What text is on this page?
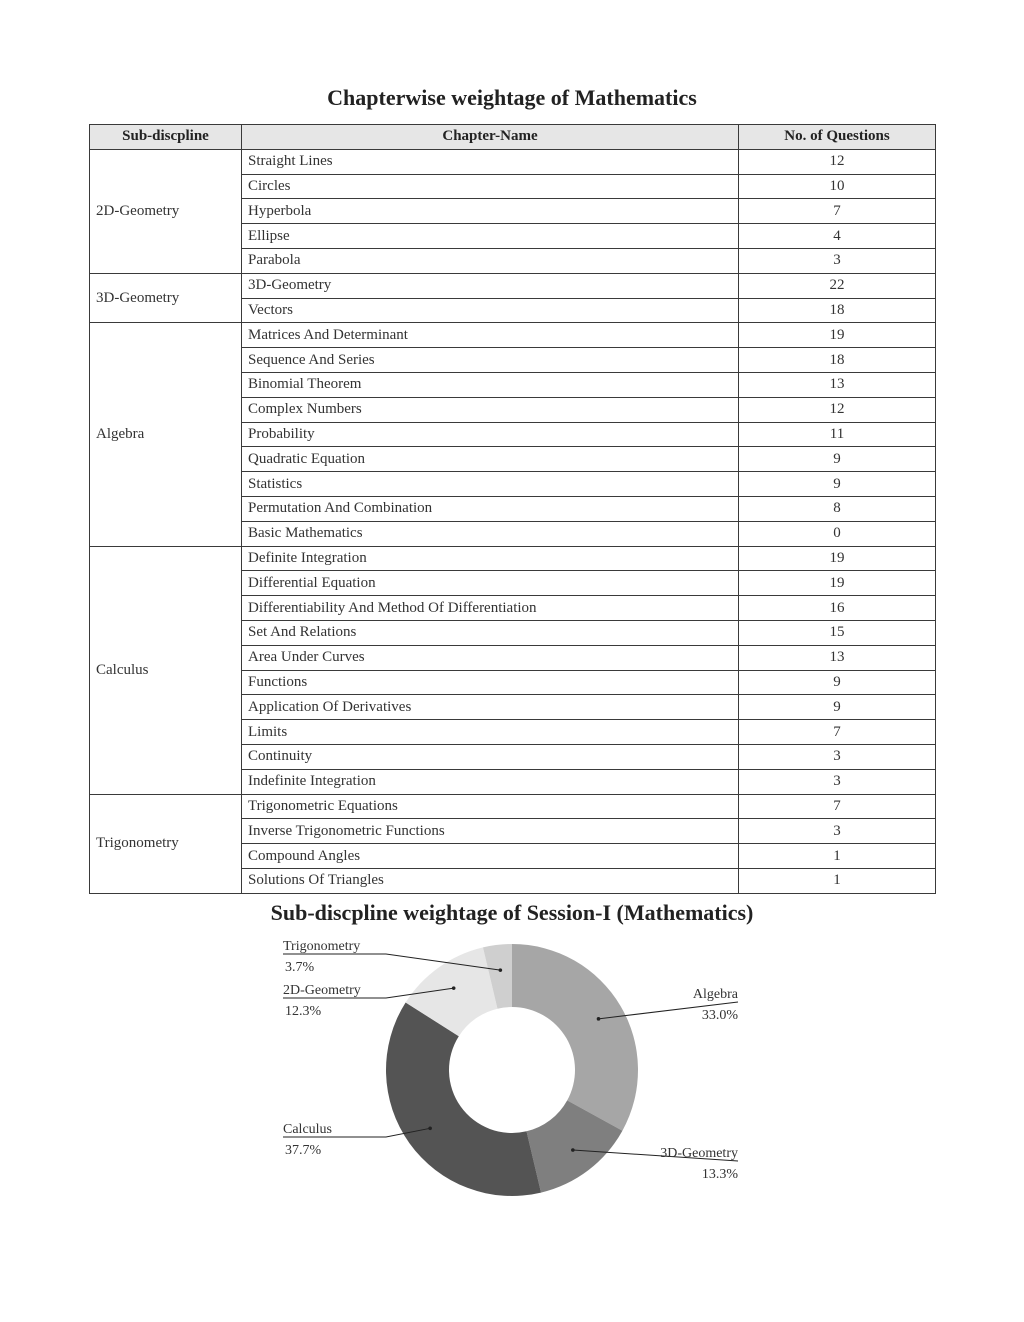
Chapterwise weightage of Mathematics
Sub-discpline	Chapter-Name	No. of Questions
2D-Geometry	Straight Lines	12
	Circles	10
	Hyperbola	7
	Ellipse	4
	Parabola	3
3D-Geometry	3D-Geometry	22
	Vectors	18
Algebra	Matrices And Determinant	19
	Sequence And Series	18
	Binomial Theorem	13
	Complex Numbers	12
	Probability	11
	Quadratic Equation	9
	Statistics	9
	Permutation And Combination	8
	Basic Mathematics	0
Calculus	Definite Integration	19
	Differential Equation	19
	Differentiability And Method Of Differentiation	16
	Set And Relations	15
	Area Under Curves	13
	Functions	9
	Application Of Derivatives	9
	Limits	7
	Continuity	3
	Indefinite Integration	3
Trigonometry	Trigonometric Equations	7
	Inverse Trigonometric Functions	3
	Compound Angles	1
	Solutions Of Triangles	1
Sub-discpline weightage of Session-I (Mathematics)
Algebra
33.0%
3D-Geometry
13.3%
Calculus
37.7%
2D-Geometry
12.3%
Trigonometry
3.7%
